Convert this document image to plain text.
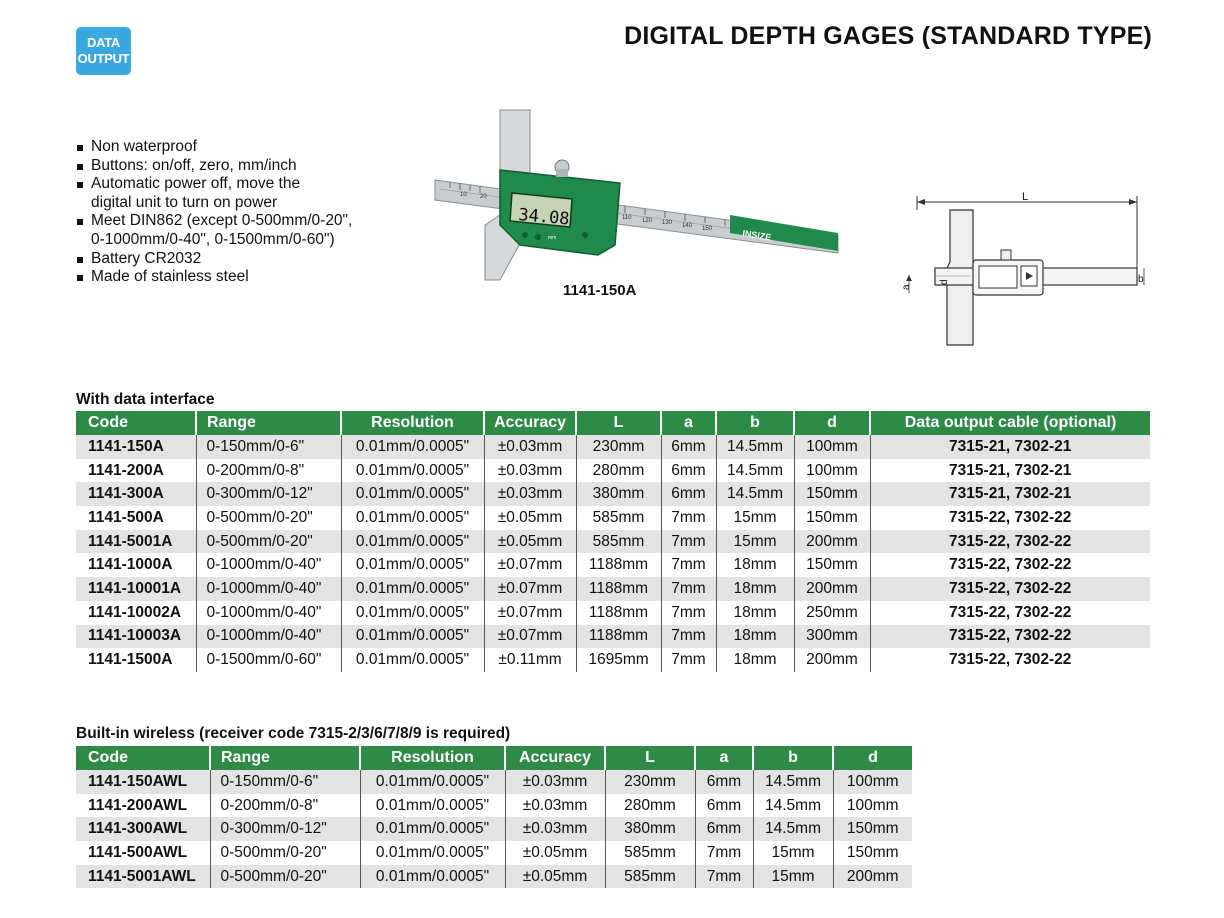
DATA
OUTPUT
DIGITAL DEPTH GAGES (STANDARD TYPE)
Non waterproof
Buttons: on/off, zero, mm/inch
Automatic power off, move the
digital unit to turn on power
Meet DIN862 (except 0-500mm/0-20",
0-1000mm/0-40", 0-1500mm/0-60")
Battery CR2032
Made of stainless steel
10 20
110 120 130 140 150	INSIZE
34.08
mm
1141-150A
L
d
a
b
With data interface
Code	Range	Resolution	Accuracy	L	a	b	d	Data output cable (optional)
1141-150A	0-150mm/0-6"	0.01mm/0.0005"	±0.03mm	230mm	6mm	14.5mm	100mm	7315-21, 7302-21
1141-200A	0-200mm/0-8"	0.01mm/0.0005"	±0.03mm	280mm	6mm	14.5mm	100mm	7315-21, 7302-21
1141-300A	0-300mm/0-12"	0.01mm/0.0005"	±0.03mm	380mm	6mm	14.5mm	150mm	7315-21, 7302-21
1141-500A	0-500mm/0-20"	0.01mm/0.0005"	±0.05mm	585mm	7mm	15mm	150mm	7315-22, 7302-22
1141-5001A	0-500mm/0-20"	0.01mm/0.0005"	±0.05mm	585mm	7mm	15mm	200mm	7315-22, 7302-22
1141-1000A	0-1000mm/0-40"	0.01mm/0.0005"	±0.07mm	1188mm	7mm	18mm	150mm	7315-22, 7302-22
1141-10001A	0-1000mm/0-40"	0.01mm/0.0005"	±0.07mm	1188mm	7mm	18mm	200mm	7315-22, 7302-22
1141-10002A	0-1000mm/0-40"	0.01mm/0.0005"	±0.07mm	1188mm	7mm	18mm	250mm	7315-22, 7302-22
1141-10003A	0-1000mm/0-40"	0.01mm/0.0005"	±0.07mm	1188mm	7mm	18mm	300mm	7315-22, 7302-22
1141-1500A	0-1500mm/0-60"	0.01mm/0.0005"	±0.11mm	1695mm	7mm	18mm	200mm	7315-22, 7302-22
Built-in wireless (receiver code 7315-2/3/6/7/8/9 is required)
Code	Range	Resolution	Accuracy	L	a	b	d
1141-150AWL	0-150mm/0-6"	0.01mm/0.0005"	±0.03mm	230mm	6mm	14.5mm	100mm
1141-200AWL	0-200mm/0-8"	0.01mm/0.0005"	±0.03mm	280mm	6mm	14.5mm	100mm
1141-300AWL	0-300mm/0-12"	0.01mm/0.0005"	±0.03mm	380mm	6mm	14.5mm	150mm
1141-500AWL	0-500mm/0-20"	0.01mm/0.0005"	±0.05mm	585mm	7mm	15mm	150mm
1141-5001AWL	0-500mm/0-20"	0.01mm/0.0005"	±0.05mm	585mm	7mm	15mm	200mm
